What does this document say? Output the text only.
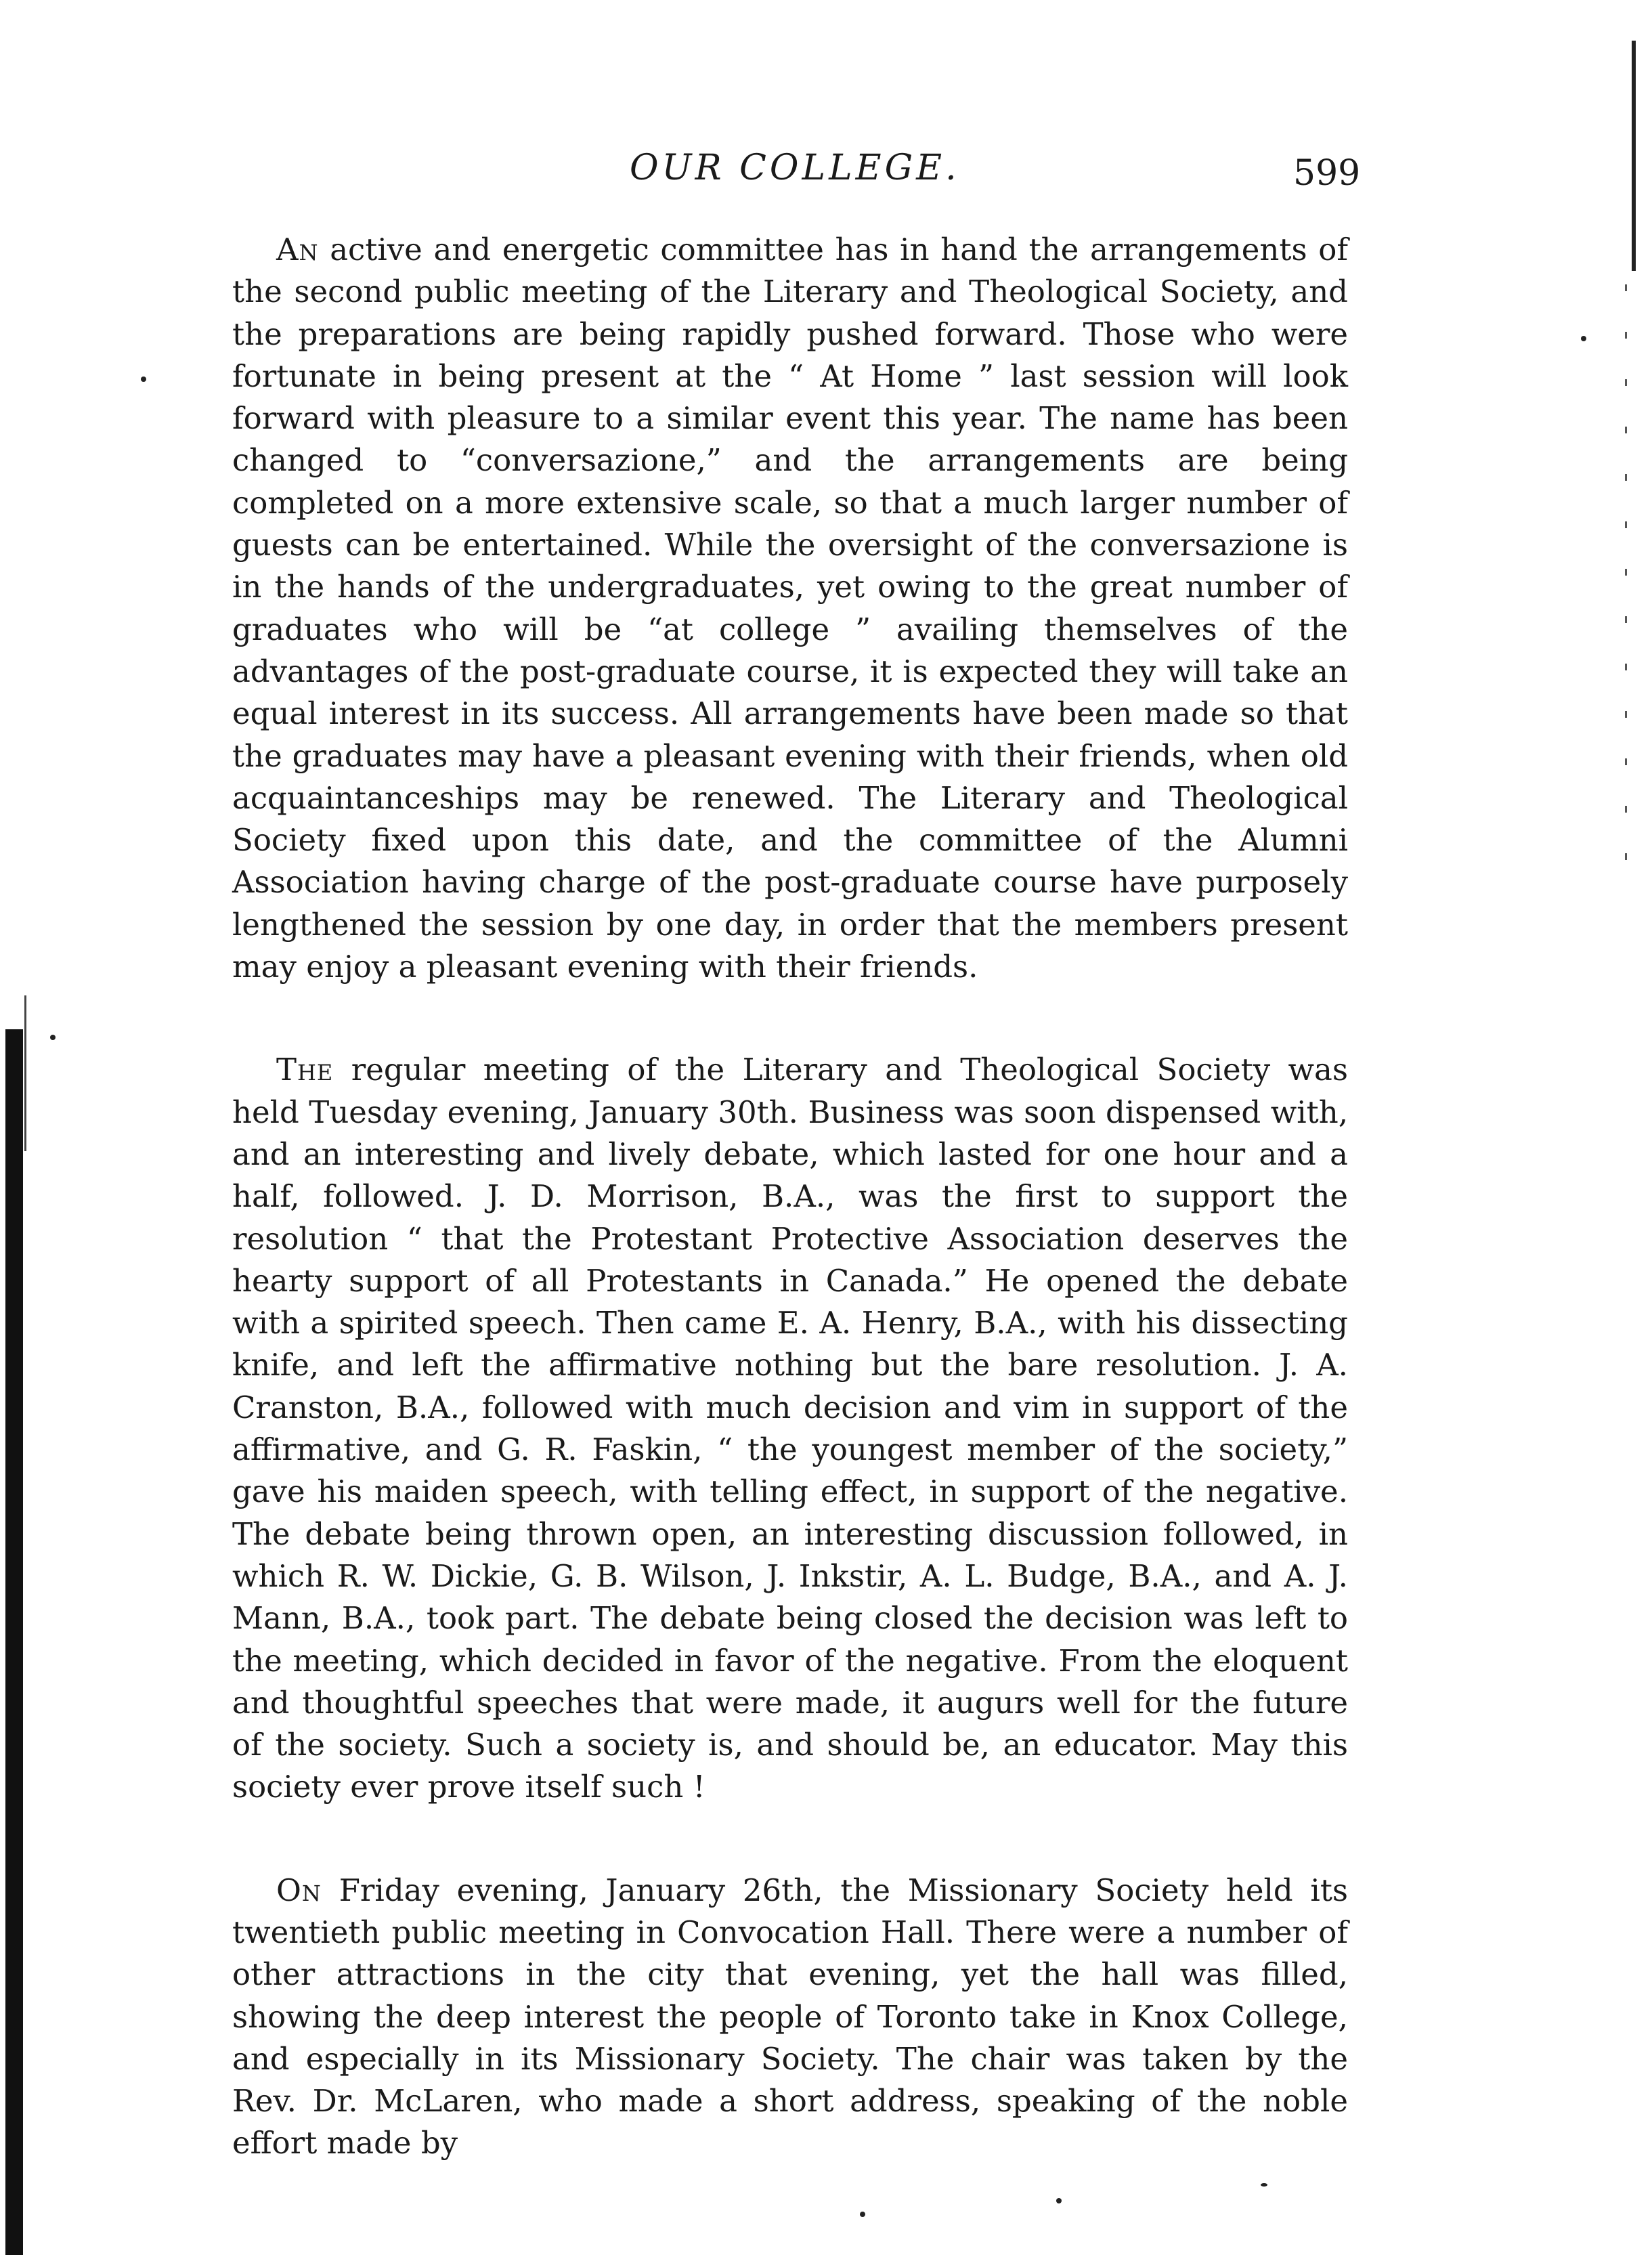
OUR COLLEGE.	599

An active and energetic committee has in hand the arrangements of the second public meeting of the Literary and Theological Society, and the preparations are being rapidly pushed forward. Those who were fortunate in being present at the “ At Home ” last session will look forward with pleasure to a similar event this year. The name has been changed to “conversazione,” and the arrangements are being completed on a more extensive scale, so that a much larger number of guests can be entertained. While the oversight of the conversazione is in the hands of the undergraduates, yet owing to the great number of graduates who will be “at college ” availing themselves of the advantages of the post-graduate course, it is expected they will take an equal interest in its success. All arrangements have been made so that the graduates may have a pleasant evening with their friends, when old acquaintanceships may be renewed. The Literary and Theological Society fixed upon this date, and the committee of the Alumni Association having charge of the post-graduate course have purposely lengthened the session by one day, in order that the members present may enjoy a pleasant evening with their friends.

The regular meeting of the Literary and Theological Society was held Tuesday evening, January 30th. Business was soon dispensed with, and an interesting and lively debate, which lasted for one hour and a half, followed. J. D. Morrison, B.A., was the first to support the resolution “ that the Protestant Protective Association deserves the hearty support of all Protestants in Canada.” He opened the debate with a spirited speech. Then came E. A. Henry, B.A., with his dissecting knife, and left the affirmative nothing but the bare resolution. J. A. Cranston, B.A., followed with much decision and vim in support of the affirmative, and G. R. Faskin, “ the youngest member of the society,” gave his maiden speech, with telling effect, in support of the negative. The debate being thrown open, an interesting discussion followed, in which R. W. Dickie, G. B. Wilson, J. Inkstir, A. L. Budge, B.A., and A. J. Mann, B.A., took part. The debate being closed the decision was left to the meeting, which decided in favor of the negative. From the eloquent and thoughtful speeches that were made, it augurs well for the future of the society. Such a society is, and should be, an educator. May this society ever prove itself such !

On Friday evening, January 26th, the Missionary Society held its twentieth public meeting in Convocation Hall. There were a number of other attractions in the city that evening, yet the hall was filled, showing the deep interest the people of Toronto take in Knox College, and especially in its Missionary Society. The chair was taken by the Rev. Dr. McLaren, who made a short address, speaking of the noble effort made by
